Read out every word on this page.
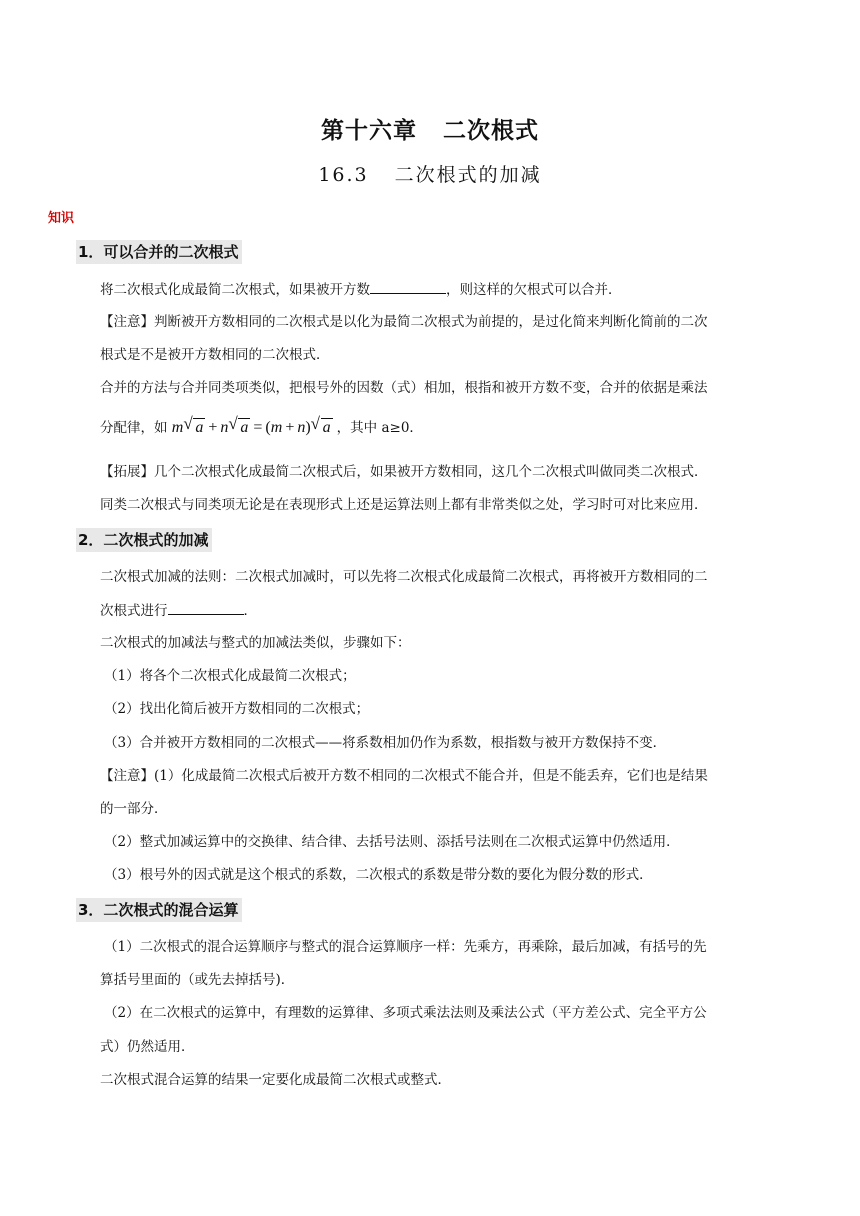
第十六章 二次根式
16.3 二次根式的加减
知识
1．可以合并的二次根式
将二次根式化成最简二次根式，如果被开方数	，则这样的欠根式可以合并．
【注意】判断被开方数相同的二次根式是以化为最简二次根式为前提的，是过化简来判断化简前的二次
根式是不是被开方数相同的二次根式．
合并的方法与合并同类项类似，把根号外的因数（式）相加，根指和被开方数不变，合并的依据是乘法
分配律，如 m √ a + n √ a = (m + n) √ a ，其中 a≥0．
【拓展】几个二次根式化成最简二次根式后，如果被开方数相同，这几个二次根式叫做同类二次根式．
同类二次根式与同类项无论是在表现形式上还是运算法则上都有非常类似之处，学习时可对比来应用．
2．二次根式的加减
二次根式加减的法则：二次根式加减时，可以先将二次根式化成最简二次根式，再将被开方数相同的二
次根式进行	．
二次根式的加减法与整式的加减法类似，步骤如下：
（1）将各个二次根式化成最简二次根式；
（2）找出化简后被开方数相同的二次根式；
（3）合并被开方数相同的二次根式——将系数相加仍作为系数，根指数与被开方数保持不变．
【注意】(1）化成最简二次根式后被开方数不相同的二次根式不能合并，但是不能丢弃，它们也是结果
的一部分．
（2）整式加减运算中的交换律、结合律、去括号法则、添括号法则在二次根式运算中仍然适用．
（3）根号外的因式就是这个根式的系数，二次根式的系数是带分数的要化为假分数的形式．
3．二次根式的混合运算
（1）二次根式的混合运算顺序与整式的混合运算顺序一样：先乘方，再乘除，最后加减，有括号的先
算括号里面的（或先去掉括号)．
（2）在二次根式的运算中，有理数的运算律、多项式乘法法则及乘法公式（平方差公式、完全平方公
式）仍然适用．
二次根式混合运算的结果一定要化成最简二次根式或整式．
